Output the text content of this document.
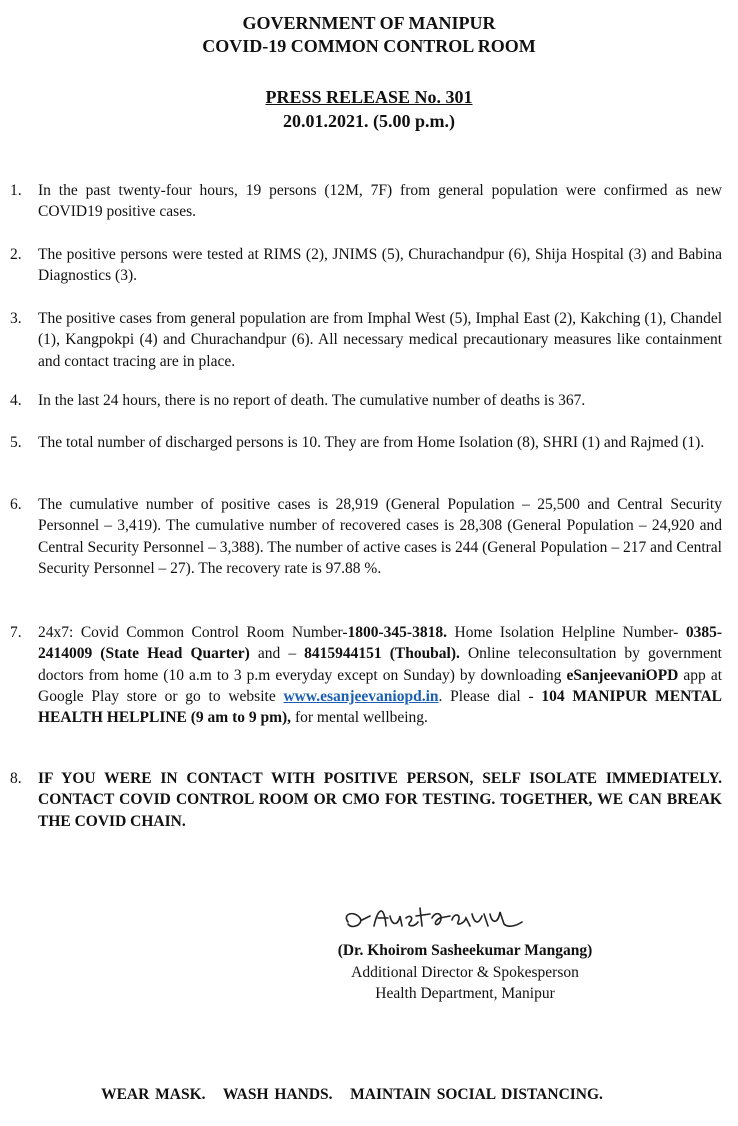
GOVERNMENT OF MANIPUR
COVID-19 COMMON CONTROL ROOM
PRESS RELEASE No. 301
20.01.2021. (5.00 p.m.)
1.	In the past twenty-four hours, 19 persons (12M, 7F) from general population were confirmed as new COVID19 positive cases.
2.	The positive persons were tested at RIMS (2), JNIMS (5), Churachandpur (6), Shija Hospital (3) and Babina Diagnostics (3).
3.	The positive cases from general population are from Imphal West (5), Imphal East (2), Kakching (1), Chandel (1), Kangpokpi (4) and Churachandpur (6). All necessary medical precautionary measures like containment and contact tracing are in place.
4.	In the last 24 hours, there is no report of death. The cumulative number of deaths is 367.
5.	The total number of discharged persons is 10. They are from Home Isolation (8), SHRI (1) and Rajmed (1).
6.	The cumulative number of positive cases is 28,919 (General Population – 25,500 and Central Security Personnel – 3,419). The cumulative number of recovered cases is 28,308 (General Population – 24,920 and Central Security Personnel – 3,388). The number of active cases is 244 (General Population – 217 and Central Security Personnel – 27). The recovery rate is 97.88 %.
7.	24x7: Covid Common Control Room Number-1800-345-3818. Home Isolation Helpline Number- 0385-2414009 (State Head Quarter) and – 8415944151 (Thoubal). Online teleconsultation by government doctors from home (10 a.m to 3 p.m everyday except on Sunday) by downloading eSanjeevaniOPD app at Google Play store or go to website www.esanjeevaniopd.in. Please dial - 104 MANIPUR MENTAL HEALTH HELPLINE (9 am to 9 pm), for mental wellbeing.
8.	IF YOU WERE IN CONTACT WITH POSITIVE PERSON, SELF ISOLATE IMMEDIATELY. CONTACT COVID CONTROL ROOM OR CMO FOR TESTING. TOGETHER, WE CAN BREAK THE COVID CHAIN.
(Dr. Khoirom Sasheekumar Mangang)
Additional Director & Spokesperson
Health Department, Manipur
WEAR MASK.   WASH HANDS.   MAINTAIN SOCIAL DISTANCING.
